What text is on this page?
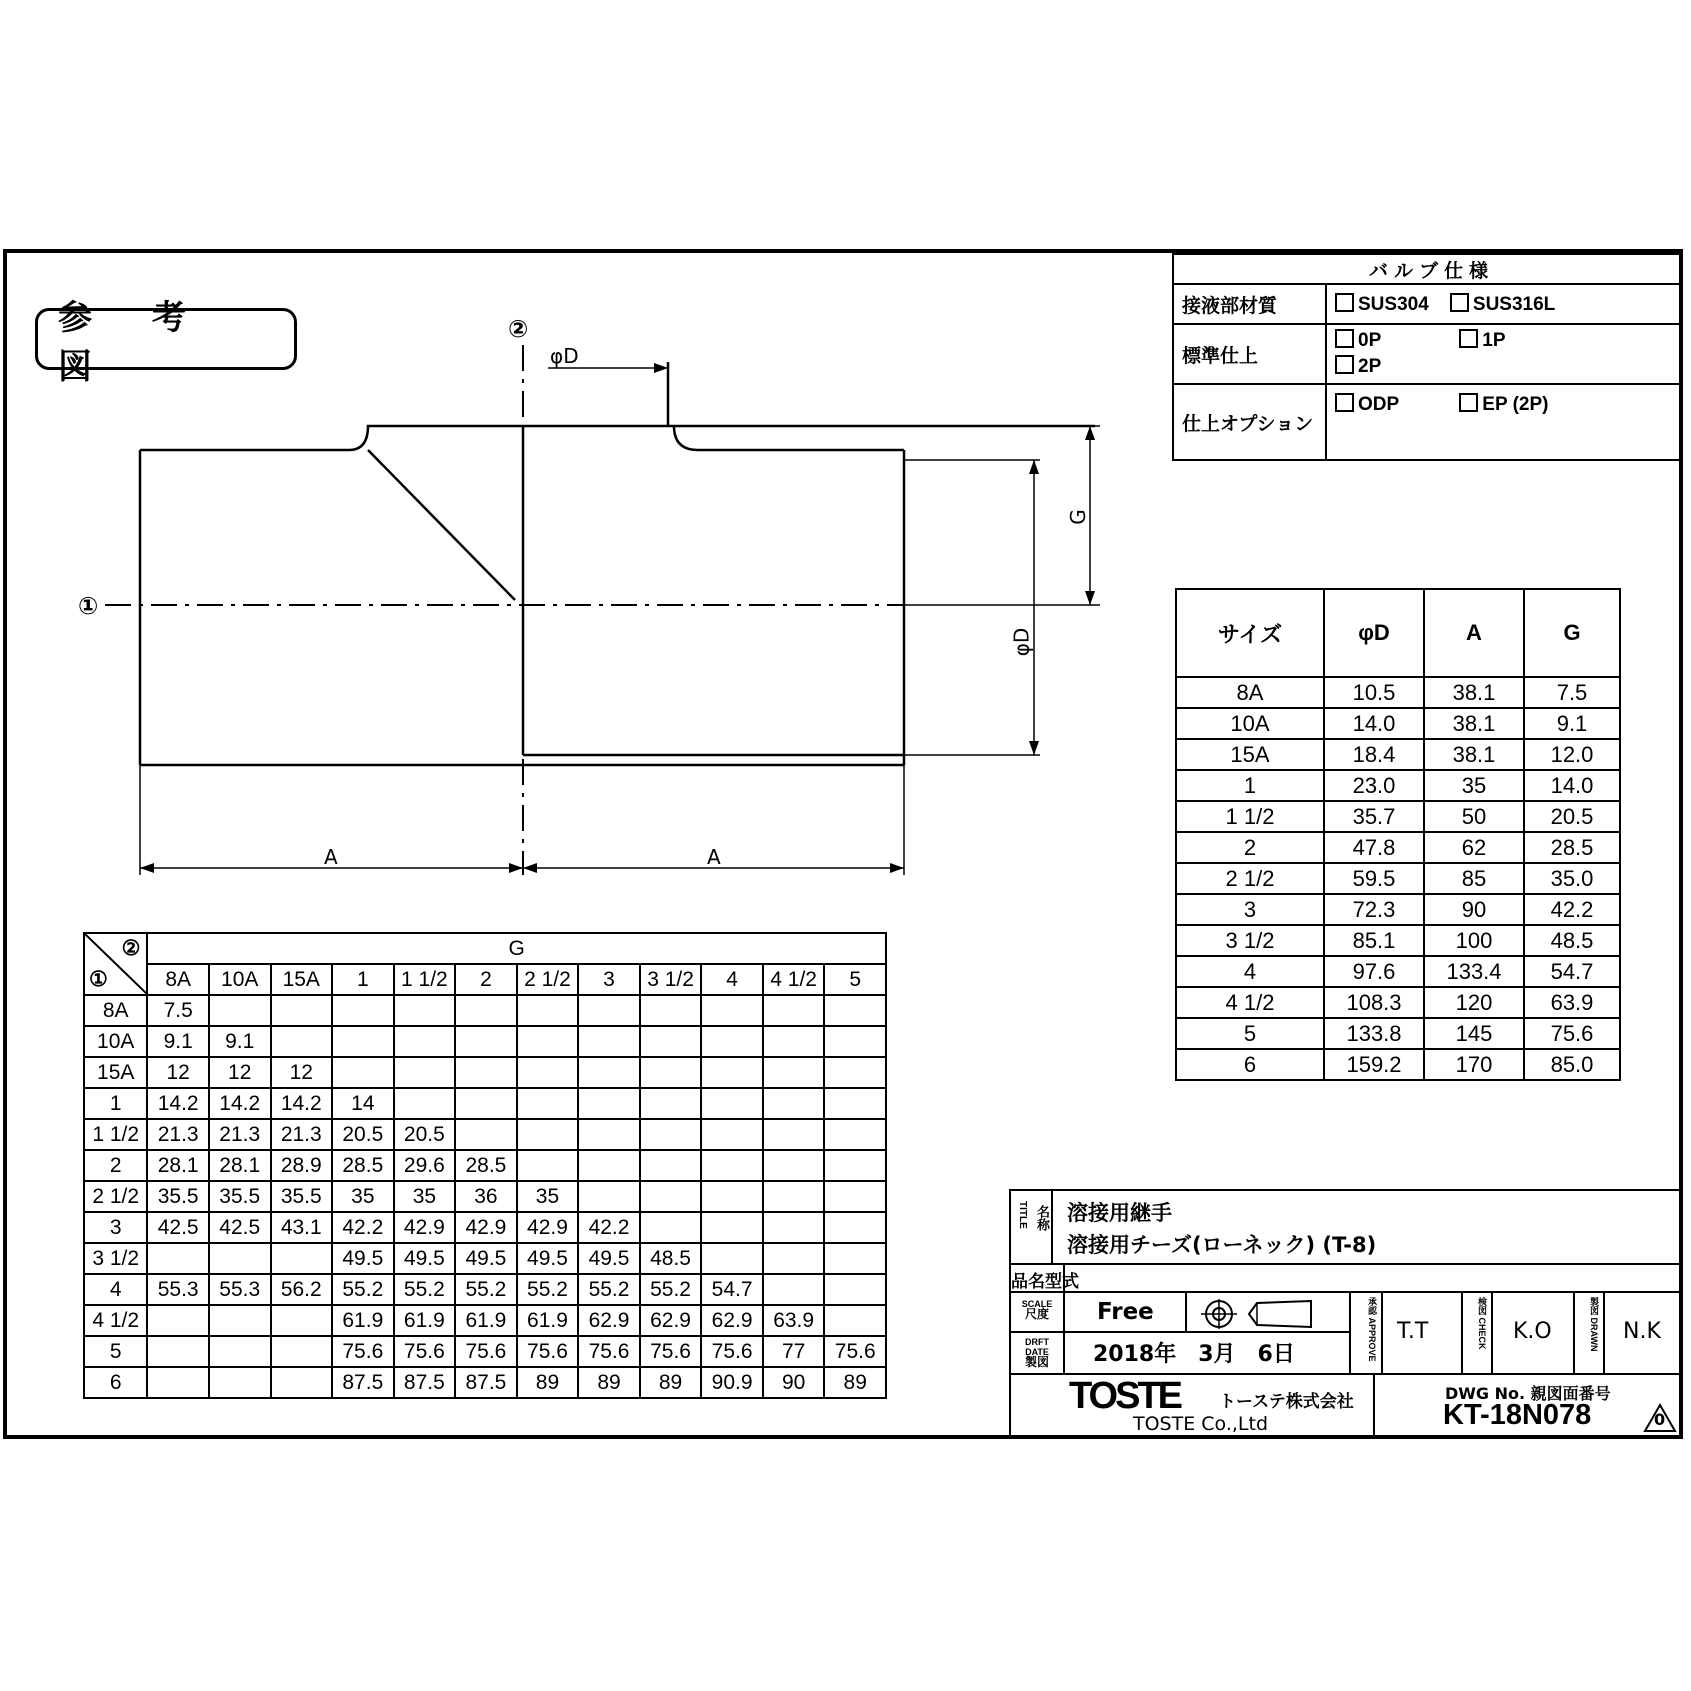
参 考 図
②
①
φD
G
φD
A	A
バルブ仕様	
接液部材質	SUS304 SUS316L
標準仕上	0P 1P
2P
仕上オプション	ODP EP (2P)
サイズ	φD	A	G
8A	10.5	38.1	7.5
10A	14.0	38.1	9.1
15A	18.4	38.1	12.0
1	23.0	35	14.0
1 1/2	35.7	50	20.5
2	47.8	62	28.5
2 1/2	59.5	85	35.0
3	72.3	90	42.2
3 1/2	85.1	100	48.5
4	97.6	133.4	54.7
4 1/2	108.3	120	63.9
5	133.8	145	75.6
6	159.2	170	85.0
②
①	G											
	8A	10A	15A	1	1 1/2	2	2 1/2	3	3 1/2	4	4 1/2	5
8A	7.5											
10A	9.1	9.1										
15A	12	12	12									
1	14.2	14.2	14.2	14								
1 1/2	21.3	21.3	21.3	20.5	20.5							
2	28.1	28.1	28.9	28.5	29.6	28.5						
2 1/2	35.5	35.5	35.5	35	35	36	35					
3	42.5	42.5	43.1	42.2	42.9	42.9	42.9	42.2				
3 1/2				49.5	49.5	49.5	49.5	49.5	48.5			
4	55.3	55.3	56.2	55.2	55.2	55.2	55.2	55.2	55.2	54.7		
4 1/2				61.9	61.9	61.9	61.9	62.9	62.9	62.9	63.9	
5				75.6	75.6	75.6	75.6	75.6	75.6	75.6	77	75.6
6				87.5	87.5	87.5	89	89	89	90.9	90	89
TITLE 名称 溶接用継手
溶接用チーズ(ローネック) (T-8)
品名型式
SCALE
尺度
DRFT DATE
製図
Free
2018年　3月　6日	承認 APPROVE T.T	検図 CHECK K.O	製図 DRAWN N.K
TOSTE トーステ株式会社
TOSTE Co.,Ltd
DWG No. 親図面番号
KT-18N078	0
